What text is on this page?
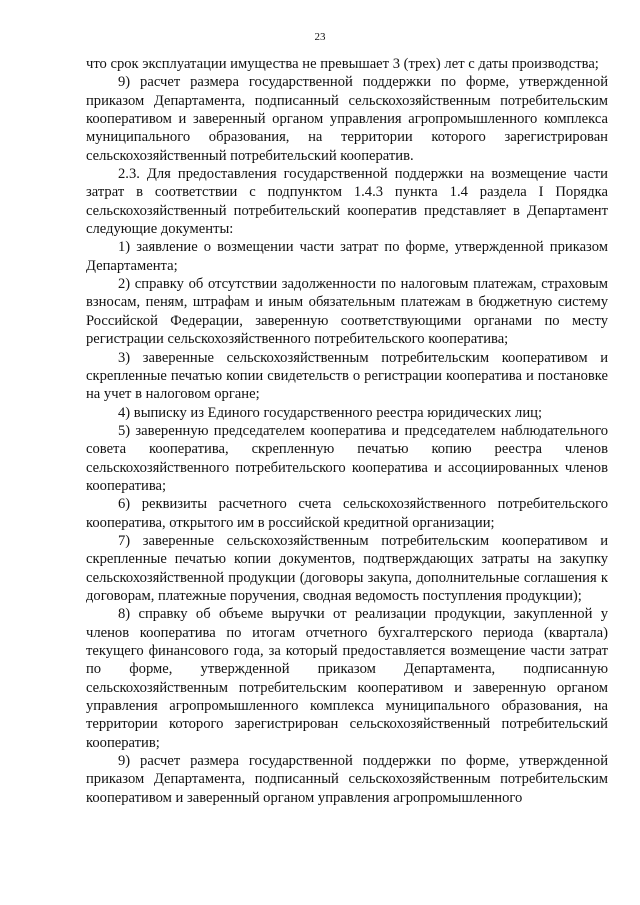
23

что срок эксплуатации имущества не превышает 3 (трех) лет с даты производства;

9) расчет размера государственной поддержки по форме, утвержденной приказом Департамента, подписанный сельскохозяйственным потребительским кооперативом и заверенный органом управления агропромышленного комплекса муниципального образования, на территории которого зарегистрирован сельскохозяйственный потребительский кооператив.

2.3. Для предоставления государственной поддержки на возмещение части затрат в соответствии с подпунктом 1.4.3 пункта 1.4 раздела I Порядка сельскохозяйственный потребительский кооператив представляет в Департамент следующие документы:

1) заявление о возмещении части затрат по форме, утвержденной приказом Департамента;

2) справку об отсутствии задолженности по налоговым платежам, страховым взносам, пеням, штрафам и иным обязательным платежам в бюджетную систему Российской Федерации, заверенную соответствующими органами по месту регистрации сельскохозяйственного потребительского кооператива;

3) заверенные сельскохозяйственным потребительским кооперативом и скрепленные печатью копии свидетельств о регистрации кооператива и постановке на учет в налоговом органе;

4) выписку из Единого государственного реестра юридических лиц;

5) заверенную председателем кооператива и председателем наблюдательного совета кооператива, скрепленную печатью копию реестра членов сельскохозяйственного потребительского кооператива и ассоциированных членов кооператива;

6) реквизиты расчетного счета сельскохозяйственного потребительского кооператива, открытого им в российской кредитной организации;

7) заверенные сельскохозяйственным потребительским кооперативом и скрепленные печатью копии документов, подтверждающих затраты на закупку сельскохозяйственной продукции (договоры закупа, дополнительные соглашения к договорам, платежные поручения, сводная ведомость поступления продукции);

8) справку об объеме выручки от реализации продукции, закупленной у членов кооператива по итогам отчетного бухгалтерского периода (квартала) текущего финансового года, за который предоставляется возмещение части затрат по форме, утвержденной приказом Департамента, подписанную сельскохозяйственным потребительским кооперативом и заверенную органом управления агропромышленного комплекса муниципального образования, на территории которого зарегистрирован сельскохозяйственный потребительский кооператив;

9) расчет размера государственной поддержки по форме, утвержденной приказом Департамента, подписанный сельскохозяйственным потребительским кооперативом и заверенный органом управления агропромышленного
